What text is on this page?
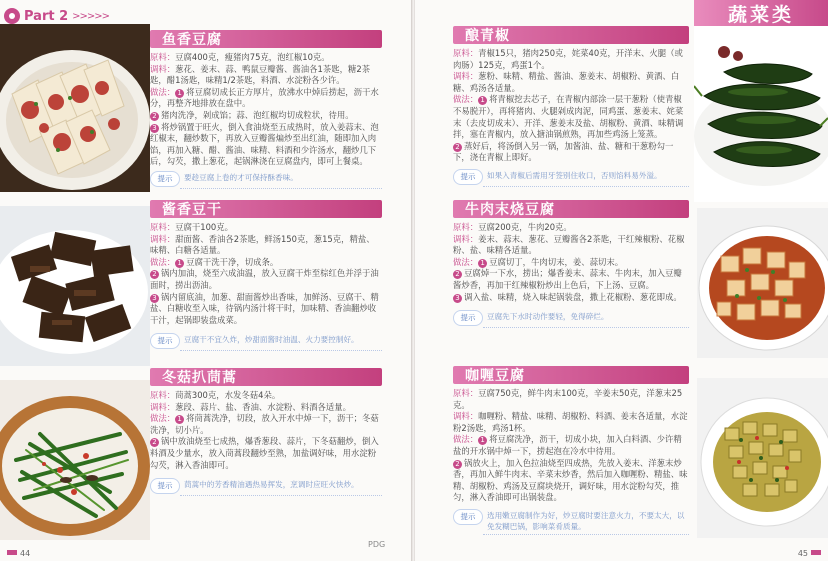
Part 2 >>>>>
鱼香豆腐

原料：豆腐400克，瘦猪肉75克，泡红椒10克。

调料：葱花、姜末、蒜、鸭鼠豆瓣酱、酱油各1茶匙，糖2茶匙，醋1汤匙，味精1/2茶匙，料酒、水淀粉各少许。

做法： 1 将豆腐切成长正方厚片，放沸水中焯后捞起，沥干水分，再整齐地排放在盘中。

2 猪肉洗净，剁成馅；蒜、泡红椒均切成粒状，待用。

3 将炒锅置于旺火，倒入食油烧至五成热时，放入姜蒜末、泡红椒末，翻炒数下，再放入豆瓣酱煸炒至出红油，随即加入肉馅，再加入糖、醋、酱油、味精、料酒和少许汤水，翻炒几下后，勾芡，撒上葱花，起锅淋浇在豆腐盘内，即可上餐桌。

提示	要趁豆腐上卷的才可保持酥香味。
酱香豆干

原料：豆腐干100克。

调料：甜面酱、香油各2茶匙，鲜汤150克，葱15克，精盐、味精、白糖各适量。

做法： 1 豆腐干洗干净，切成条。

2 锅内加油，烧至六成油温，放入豆腐干炸至棕红色并浮于油面时，捞出沥油。

3 锅内留底油，加葱、甜面酱炒出香味，加鲜汤、豆腐干、精盐、白糖收至入味，待锅内汤汁将干时，加味精、香油翻炒收干汁，起锅即装盘成菜。

提示	豆腐干不宜久炸，炒甜面酱时油温、火力要控制好。
冬菇扒茼蒿

原料：茼蒿300克，水发冬菇4朵。

调料：葱段、蒜片、盐、香油、水淀粉、料酒各适量。

做法： 1 将茼蒿洗净，切段，放入开水中焯一下，沥干；冬菇洗净，切小片。

2 锅中放油烧至七成热，爆香葱段、蒜片，下冬菇翻炒，倒入料酒及少量水，放入茼蒿段翻炒至熟，加盐调好味，用水淀粉勾芡，淋入香油即可。

提示	茼蒿中的芳香精油遇热易挥发，烹调时应旺火快炒。
PDG
44
蔬菜类
酿青椒

原料：青椒15只，猪肉250克，姹菜40克，开洋末、火腿（或肉肠）125克，鸡蛋1个。

调料：葱粉、味精、精盐、酱油、葱姜末、胡椒粉、黄酒、白糖、鸡汤各适量。

做法： 1 将青椒挖去芯子，在青椒内部涂一层干葱粉（使青椒不易脱开），再将猪肉、火腿剁成肉泥，同鸡蛋、葱姜末、姹菜末（去皮切成末）、开洋、葱姜末及盐、胡椒粉、黄酒、味精调拌，塞在青椒内，放入搪油锅煎熟，再加些鸡汤上笼蒸。

2 蒸好后，将汤倒入另一锅，加酱油、盐、糖和干葱粉勾一下，浇在青椒上即好。

提示	如果入青椒后需用牙签别住收口，否则馅料易外溢。
牛肉末烧豆腐

原料：豆腐200克，牛肉20克。

调料：姜末、蒜末、葱花、豆瓣酱各2茶匙，干红辣椒粉、花椒粉、盐、味精各适量。

做法： 1 豆腐切丁，牛肉切末，姜、蒜切末。

2 豆腐焯一下水，捞出；爆香姜末、蒜末、牛肉末，加入豆瓣酱炒香，再加干红辣椒粉炒出上色后，下上汤、豆腐。

3 调入盐、味精，烧入味起锅装盘，撒上花椒粉、葱花即成。

提示	豆腐先下水时动作要轻，免得碎烂。
咖喱豆腐

原料：豆腐750克，鲜牛肉末100克，辛姜末50克，洋葱末25克。

调料：咖喱粉、精盐、味精、胡椒粉、料酒、姜末各适量，水淀粉2汤匙，鸡汤1杯。

做法： 1 将豆腐洗净，沥干，切成小块，加入白料酒、少许精盐的开水锅中焯一下，捞起泡在冷水中待用。

2 锅放火上，加入色拉油烧至四成热，先放入姜末、洋葱末炒香，再加入鲜牛肉末、辛菜末炒香，然后加入咖喱粉、精盐、味精、胡椒粉、鸡汤及豆腐块烧开，调好味，用水淀粉勾芡，推匀，淋入香油即可出锅装盘。

提示	选用嫩豆腐制作为好，炒豆腐时要注意火力，不要太大，以免发糊巴锅，影响菜肴质量。
45
